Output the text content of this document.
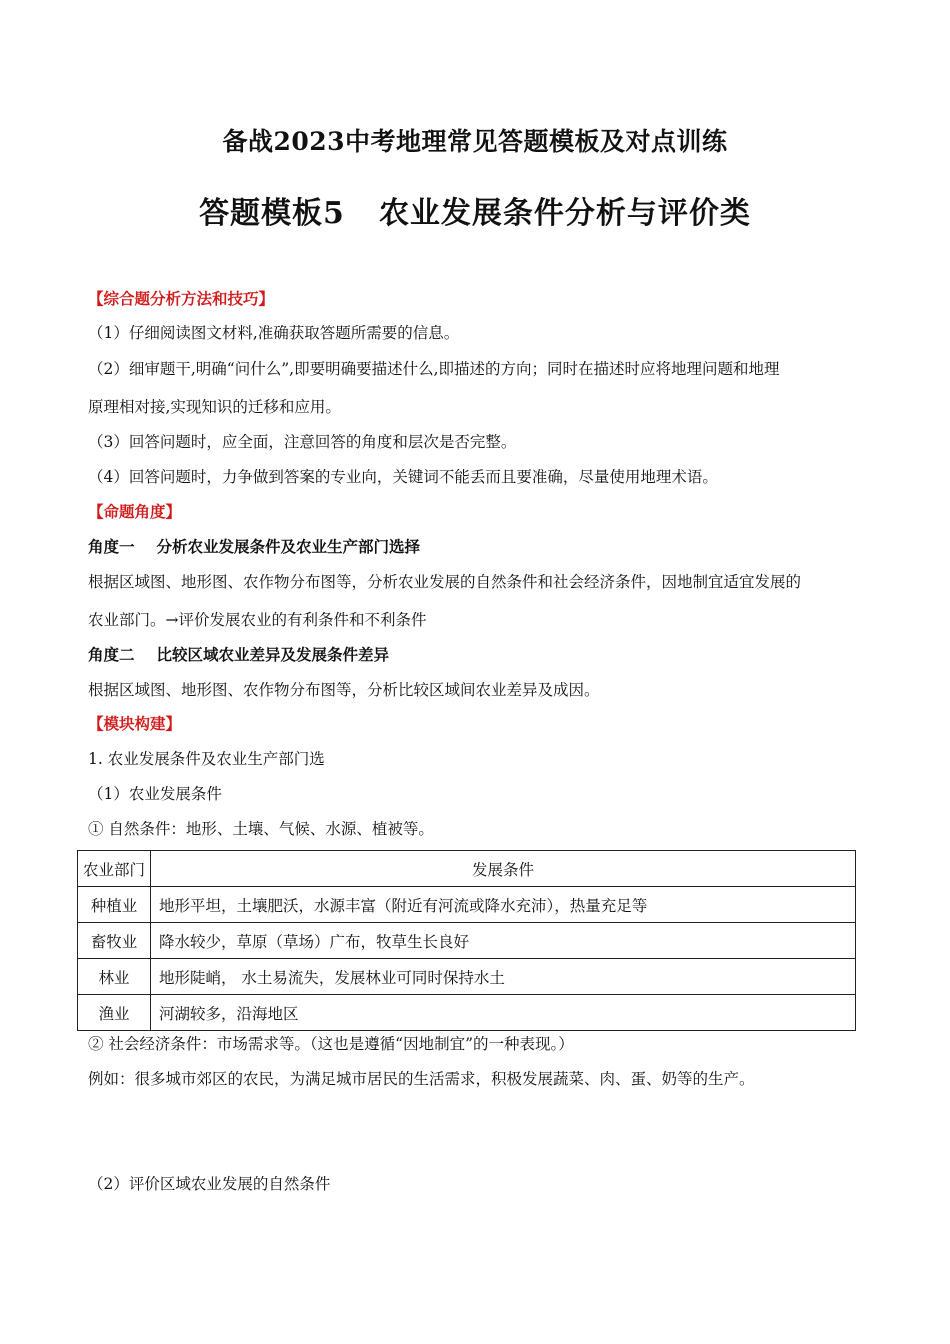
备战2023中考地理常见答题模板及对点训练
答题模板5 农业发展条件分析与评价类
【综合题分析方法和技巧】
（1）仔细阅读图文材料,准确获取答题所需要的信息。
（2）细审题干,明确“问什么”,即要明确要描述什么,即描述的方向；同时在描述时应将地理问题和地理
原理相对接,实现知识的迁移和应用。
（3）回答问题时，应全面，注意回答的角度和层次是否完整。
（4）回答问题时，力争做到答案的专业向，关键词不能丢而且要准确，尽量使用地理术语。
【命题角度】
角度一 分析农业发展条件及农业生产部门选择
根据区域图、地形图、农作物分布图等，分析农业发展的自然条件和社会经济条件，因地制宜适宜发展的
农业部门。→评价发展农业的有利条件和不利条件
角度二 比较区域农业差异及发展条件差异
根据区域图、地形图、农作物分布图等，分析比较区域间农业差异及成因。
【模块构建】
1. 农业发展条件及农业生产部门选
（1）农业发展条件
① 自然条件：地形、土壤、气候、水源、植被等。
农业部门	发展条件
种植业	地形平坦，土壤肥沃，水源丰富（附近有河流或降水充沛），热量充足等
畜牧业	降水较少，草原（草场）广布，牧草生长良好
林业	地形陡峭， 水土易流失，发展林业可同时保持水土
渔业	河湖较多，沿海地区
② 社会经济条件：市场需求等。（这也是遵循“因地制宜”的一种表现。）
例如：很多城市郊区的农民，为满足城市居民的生活需求，积极发展蔬菜、肉、蛋、奶等的生产。
（2）评价区域农业发展的自然条件
